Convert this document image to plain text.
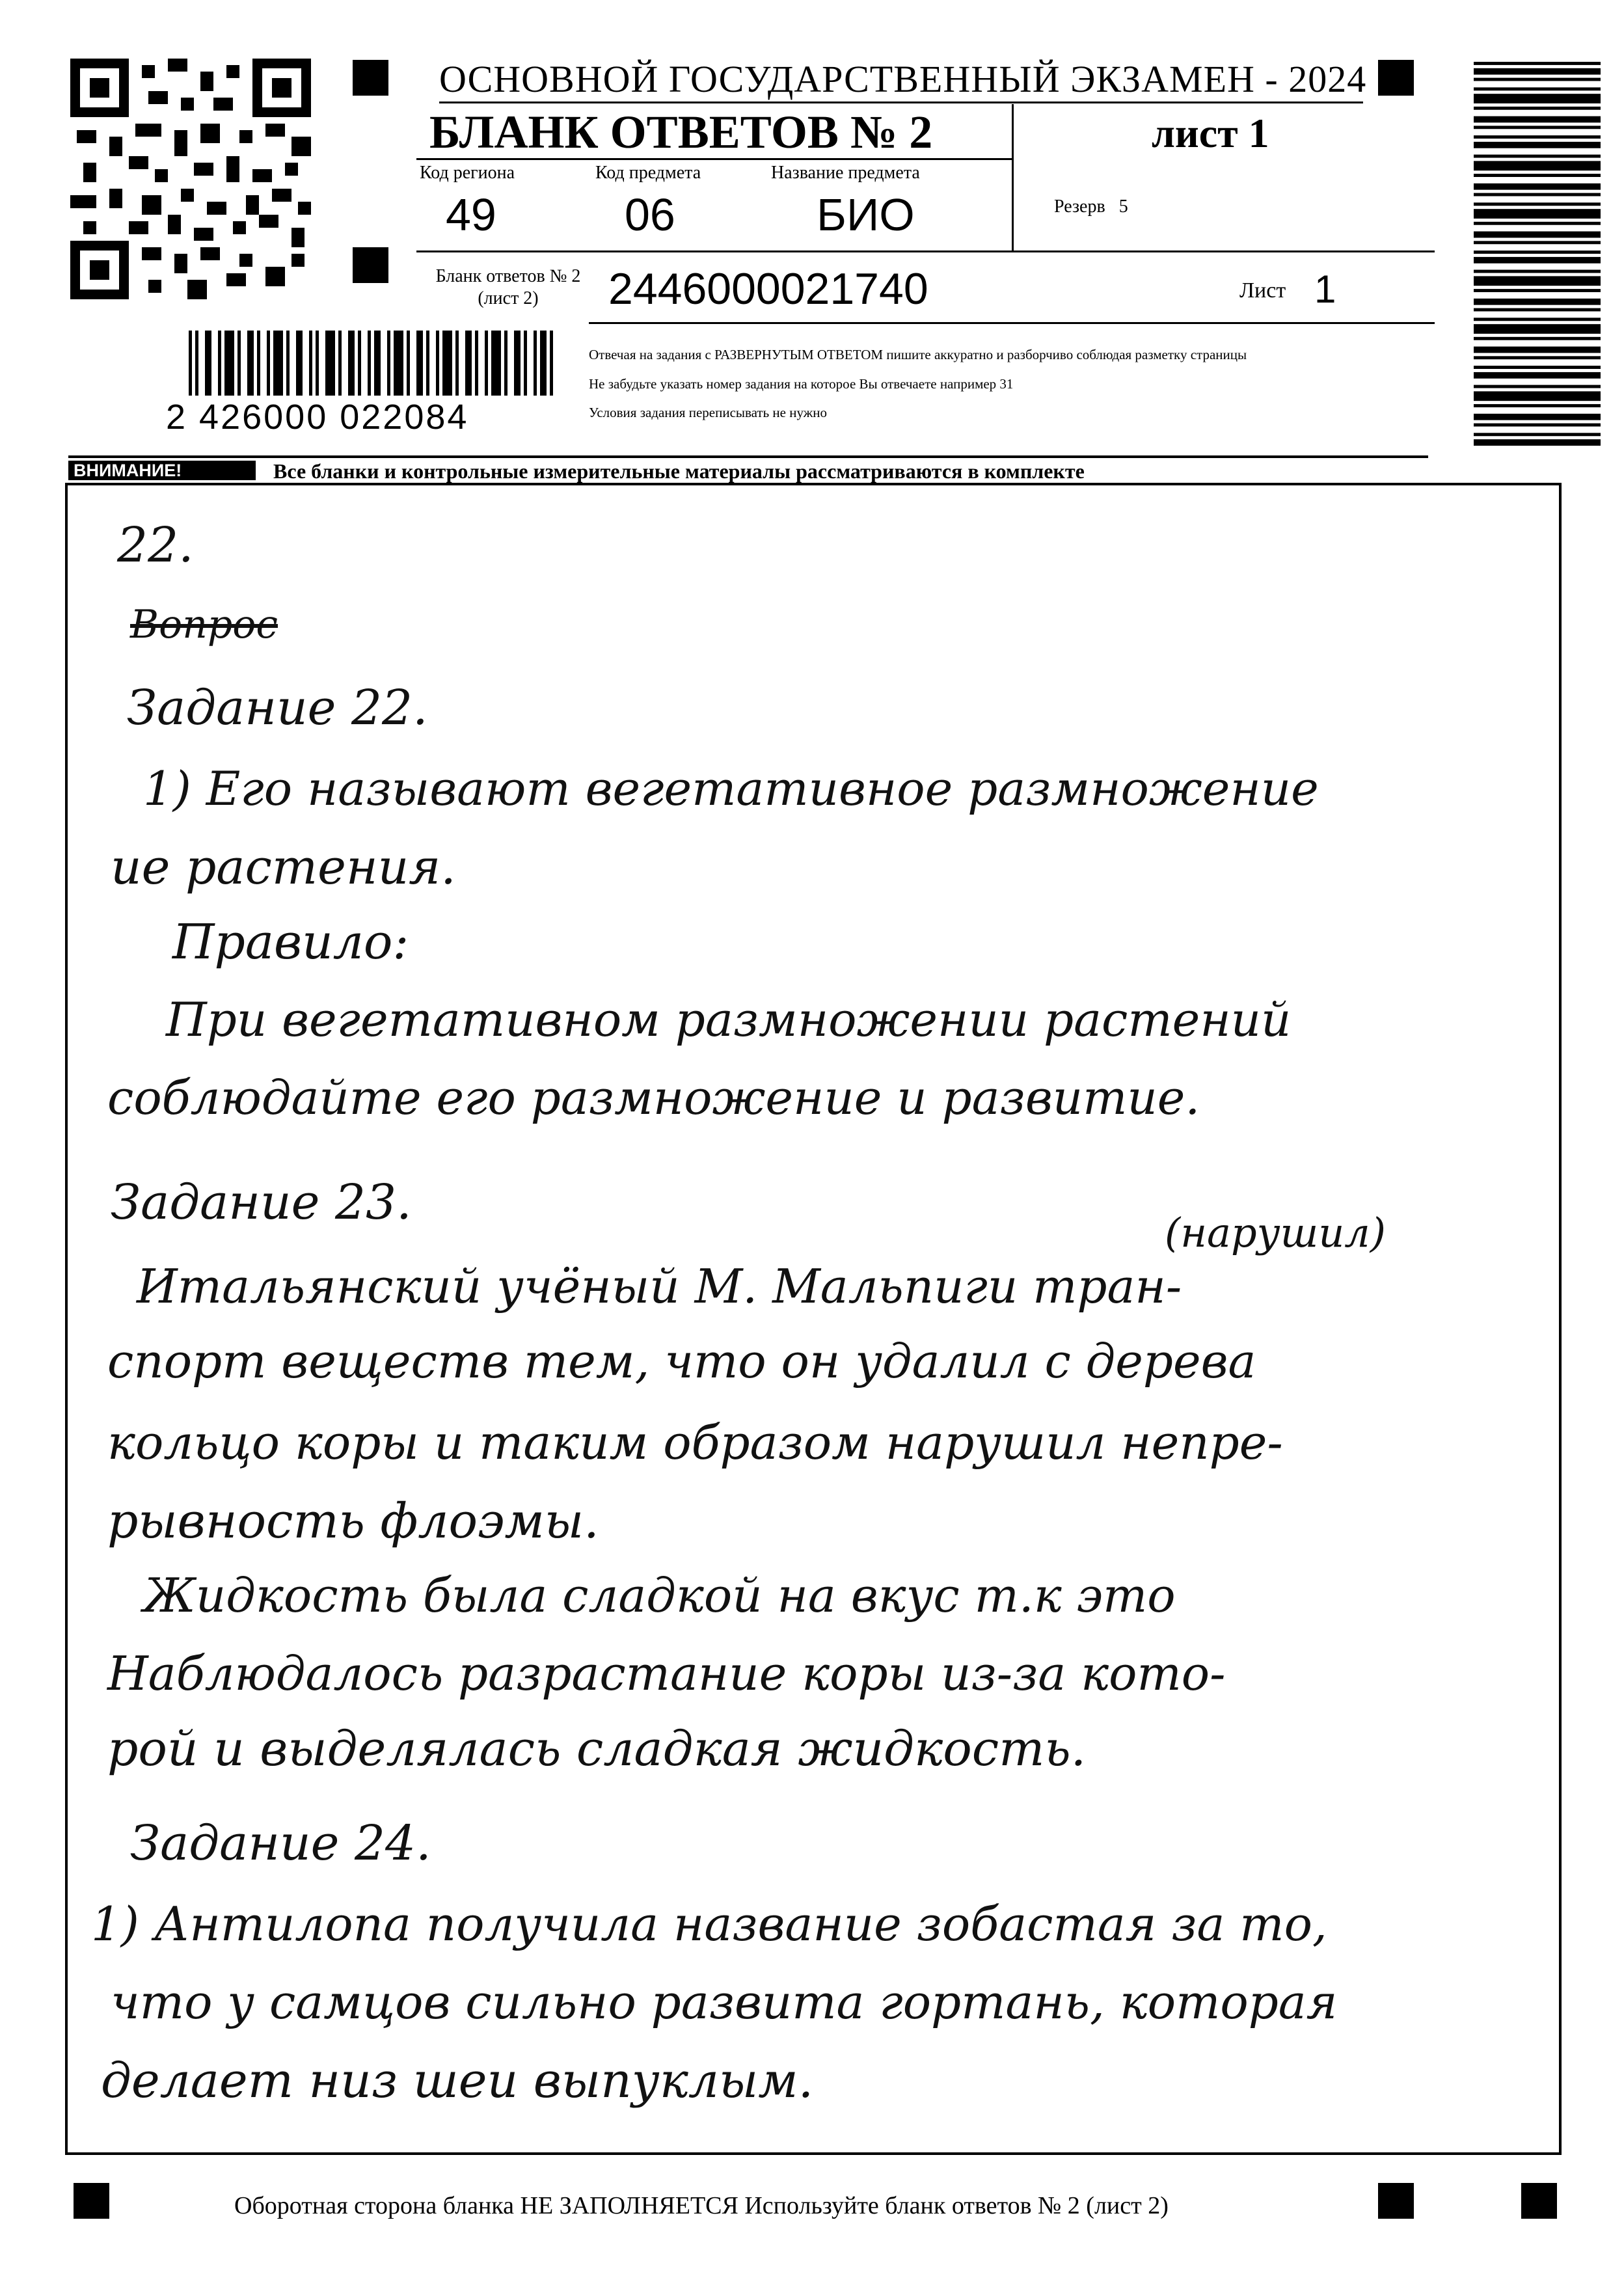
ОСНОВНОЙ ГОСУДАРСТВЕННЫЙ ЭКЗАМЕН - 2024
БЛАНК ОТВЕТОВ № 2	лист 1
Код региона	Код предмета	Название предмета
49	06	БИО	Резерв 5
Бланк ответов № 2
(лист 2)	2446000021740	Лист 1
Отвечая на задания с РАЗВЕРНУТЫМ ОТВЕТОМ пишите аккуратно и разборчиво соблюдая разметку страницы
Не забудьте указать номер задания на которое Вы отвечаете например 31
Условия задания переписывать не нужно
2 426000 022084
ВНИМАНИЕ!	Все бланки и контрольные измерительные материалы рассматриваются в комплекте
22.
Вопрос
Задание 22.
1) Его называют вегетативное размножение
ие растения.
Правило:
При вегетативном размножении растений
соблюдайте его размножение и развитие.
Задание 23.
(нарушил)
Итальянский учёный М. Мальпиги тран-
спорт веществ тем, что он удалил с дерева
кольцо коры и таким образом нарушил непре-
рывность флоэмы.
Жидкость была сладкой на вкус т.к это
Наблюдалось разрастание коры из-за кото-
рой и выделялась сладкая жидкость.
Задание 24.
1) Антилопа получила название зобастая за то,
что у самцов сильно развита гортань, которая
делает низ шеи выпуклым.
Оборотная сторона бланка НЕ ЗАПОЛНЯЕТСЯ Используйте бланк ответов № 2 (лист 2)
